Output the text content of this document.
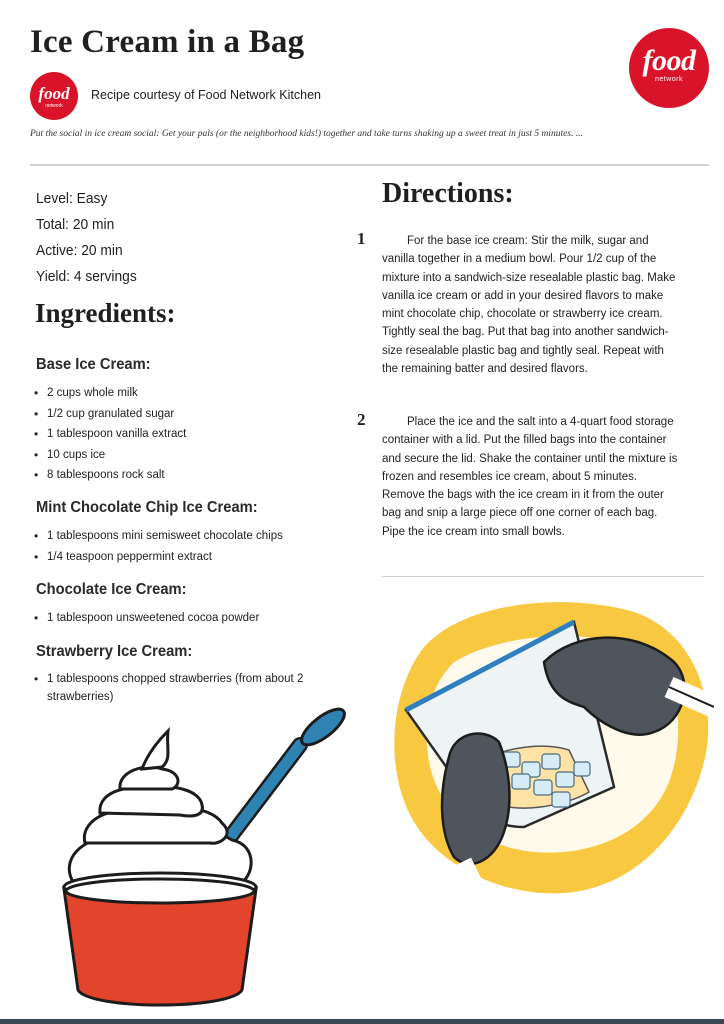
Ice Cream in a Bag
food
network
food
network
Recipe courtesy of Food Network Kitchen

Put the social in ice cream social: Get your pals (or the neighborhood kids!) together and take turns shaking up a sweet treat in just 5 minutes. ...

Level: Easy
Total: 20 min
Active: 20 min
Yield: 4 servings
Ingredients:
Base Ice Cream:
• 2 cups whole milk
• 1/2 cup granulated sugar
• 1 tablespoon vanilla extract
• 10 cups ice
• 8 tablespoons rock salt
Mint Chocolate Chip Ice Cream:
• 1 tablespoons mini semisweet chocolate chips
• 1/4 teaspoon peppermint extract
Chocolate Ice Cream:
• 1 tablespoon unsweetened cocoa powder
Strawberry Ice Cream:
• 1 tablespoons chopped strawberries (from about 2 strawberries)
Directions:

1	For the base ice cream: Stir the milk, sugar and vanilla together in a medium bowl. Pour 1/2 cup of the mixture into a sandwich-size resealable plastic bag. Make vanilla ice cream or add in your desired flavors to make mint chocolate chip, chocolate or strawberry ice cream. Tightly seal the bag. Put that bag into another sandwich-size resealable plastic bag and tightly seal. Repeat with the remaining batter and desired flavors.

2	Place the ice and the salt into a 4-quart food storage container with a lid. Put the filled bags into the container and secure the lid. Shake the container until the mixture is frozen and resembles ice cream, about 5 minutes. Remove the bags with the ice cream in it from the outer bag and snip a large piece off one corner of each bag. Pipe the ice cream into small bowls.
